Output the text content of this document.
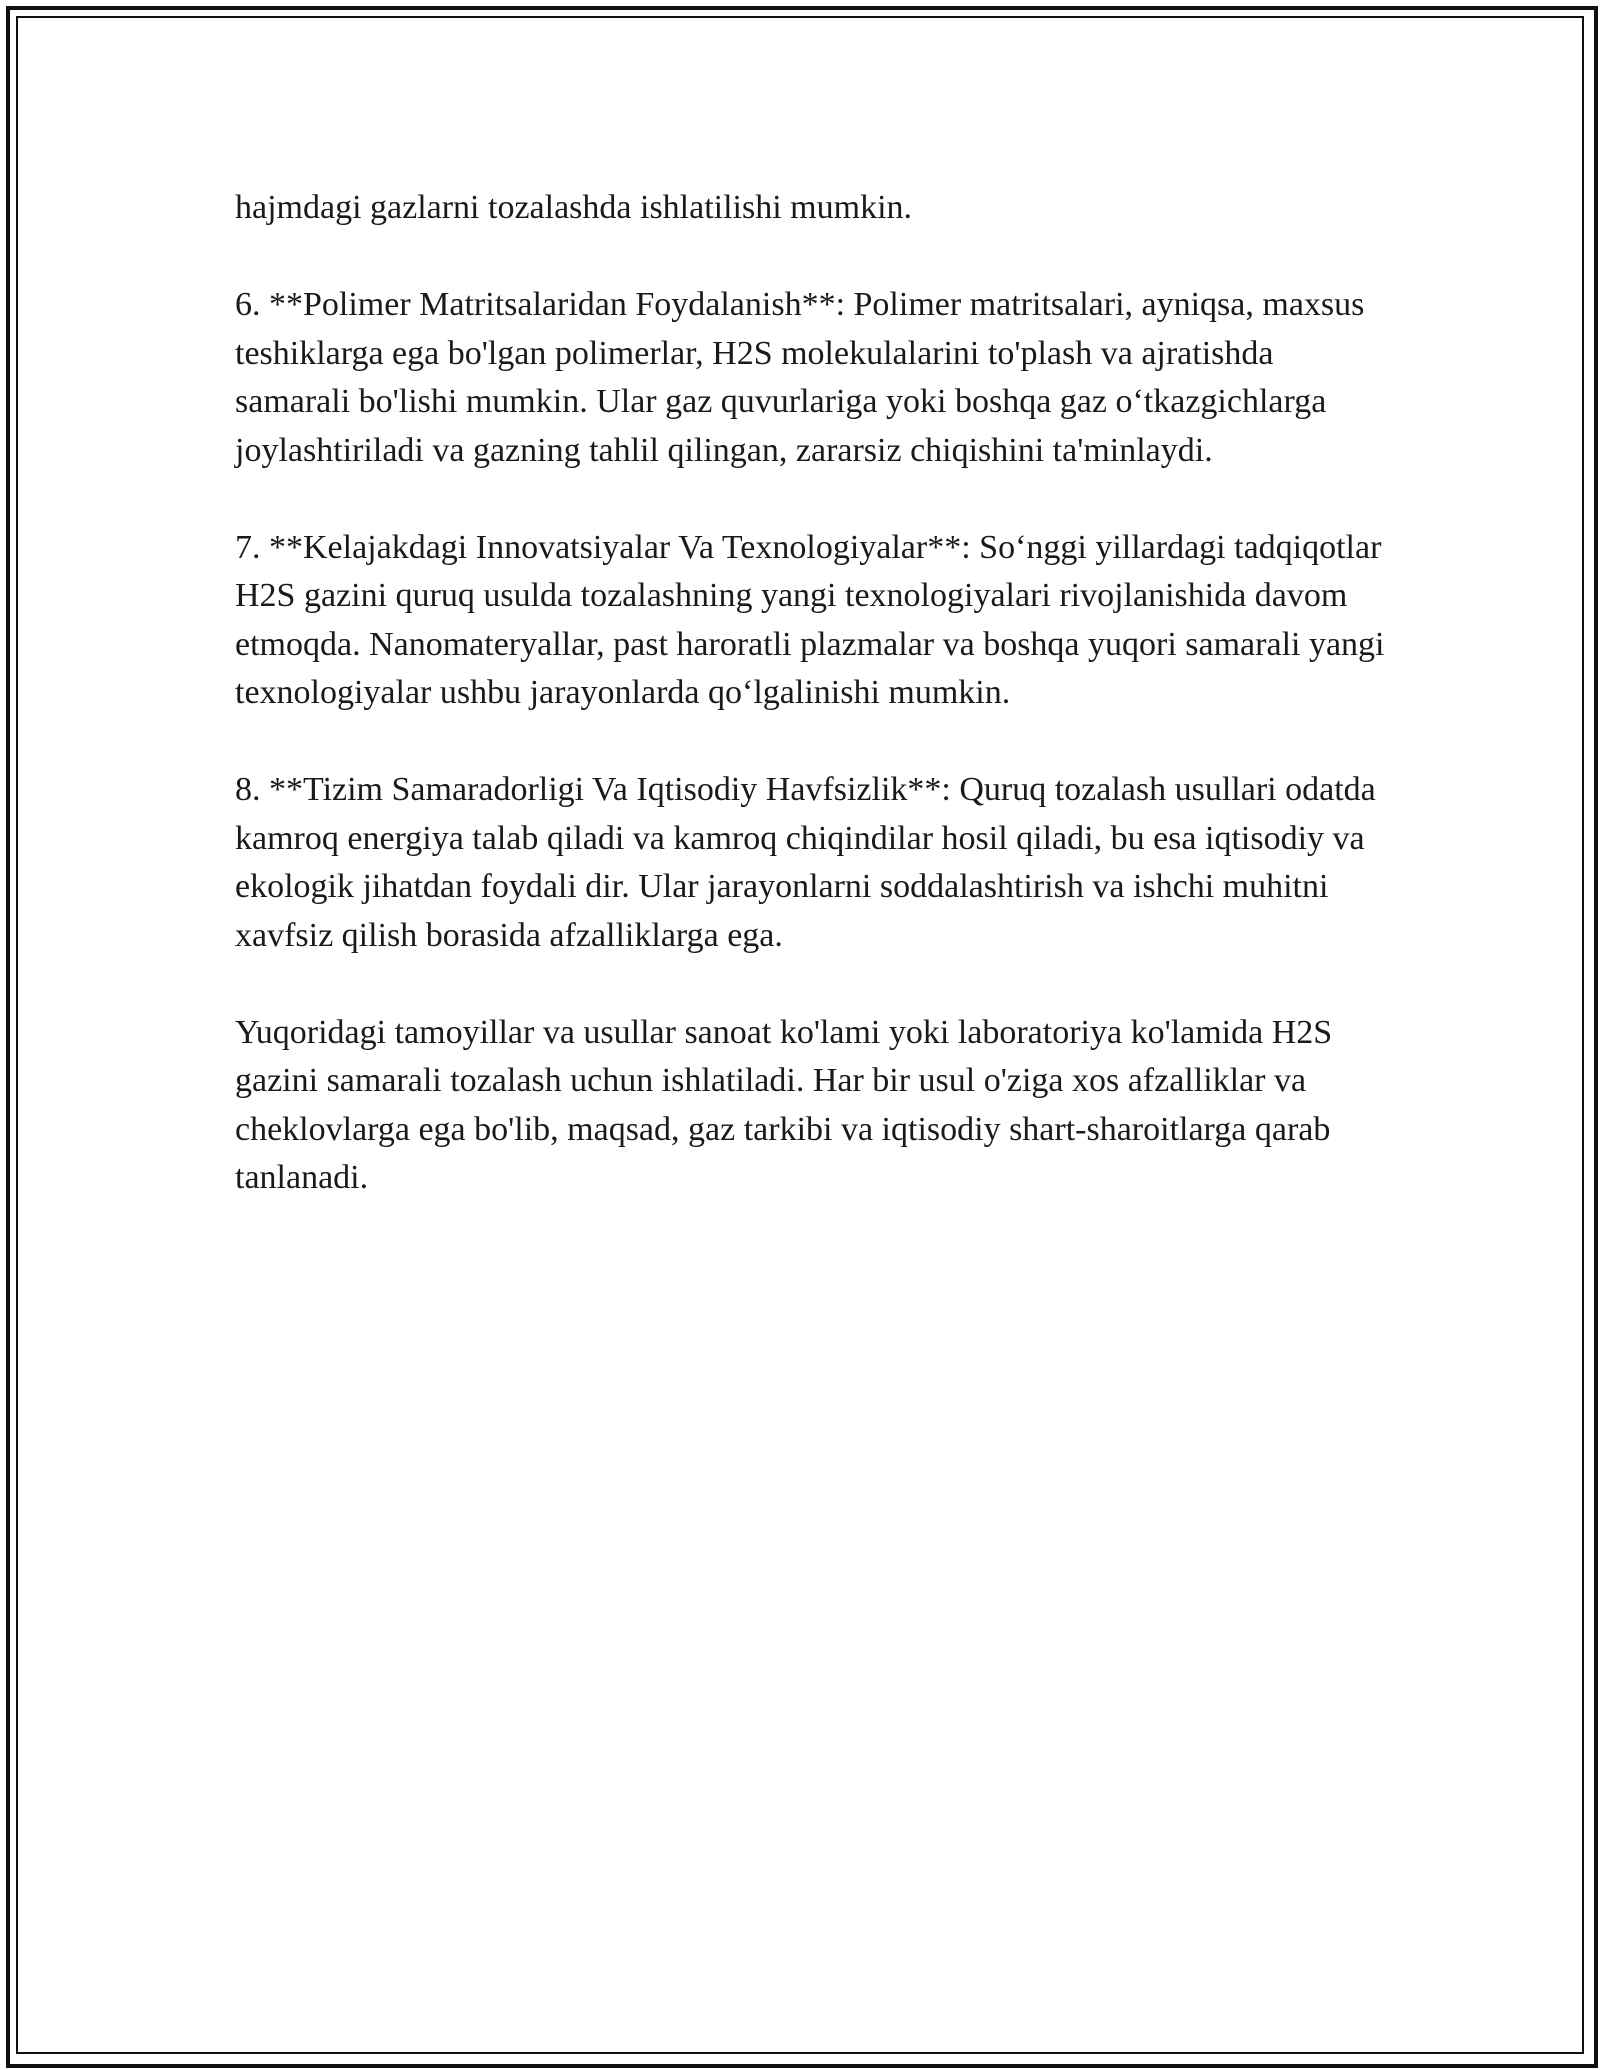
hajmdagi gazlarni tozalashda ishlatilishi mumkin.

6. **Polimer Matritsalaridan Foydalanish**: Polimer matritsalari, ayniqsa, maxsus teshiklarga ega bo'lgan polimerlar, H2S molekulalarini to'plash va ajratishda samarali bo'lishi mumkin. Ular gaz quvurlariga yoki boshqa gaz o‘tkazgichlarga joylashtiriladi va gazning tahlil qilingan, zararsiz chiqishini ta'minlaydi.

7. **Kelajakdagi Innovatsiyalar Va Texnologiyalar**: So‘nggi yillardagi tadqiqotlar H2S gazini quruq usulda tozalashning yangi texnologiyalari rivojlanishida davom etmoqda. Nanomateryallar, past haroratli plazmalar va boshqa yuqori samarali yangi texnologiyalar ushbu jarayonlarda qo‘lgalinishi mumkin.

8. **Tizim Samaradorligi Va Iqtisodiy Havfsizlik**: Quruq tozalash usullari odatda kamroq energiya talab qiladi va kamroq chiqindilar hosil qiladi, bu esa iqtisodiy va ekologik jihatdan foydali dir. Ular jarayonlarni soddalashtirish va ishchi muhitni xavfsiz qilish borasida afzalliklarga ega.

Yuqoridagi tamoyillar va usullar sanoat ko'lami yoki laboratoriya ko'lamida H2S gazini samarali tozalash uchun ishlatiladi. Har bir usul o'ziga xos afzalliklar va cheklovlarga ega bo'lib, maqsad, gaz tarkibi va iqtisodiy shart-sharoitlarga qarab tanlanadi.
